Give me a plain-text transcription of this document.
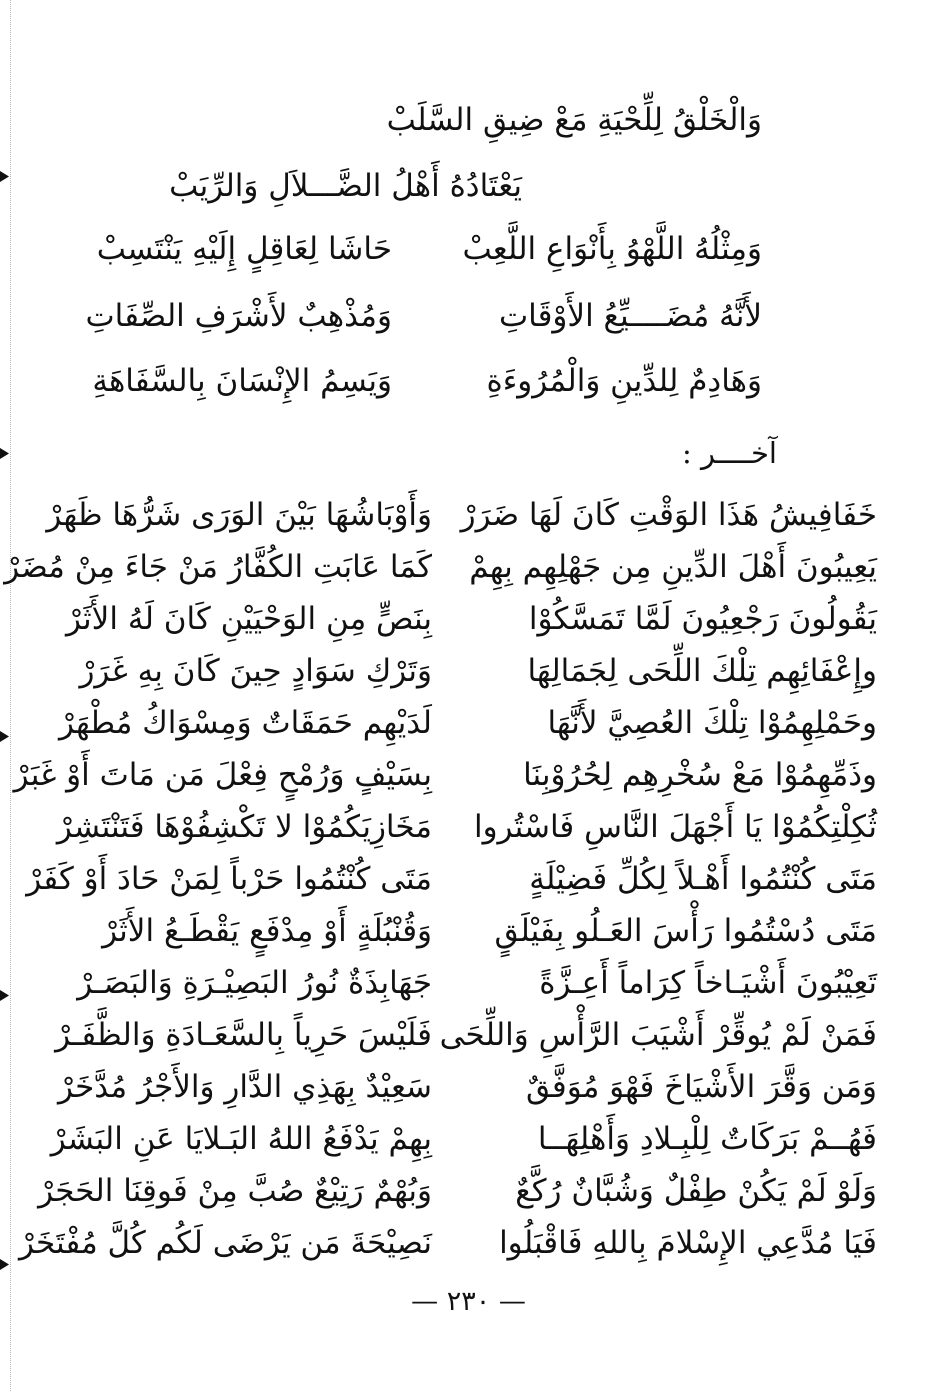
وَالْخَلْقُ لِلِّحْيَةِ مَعْ ضِيقِ السَّلَبْ
يَعْتَادُهُ أَهْلُ الضَّـــلاَلِ وَالرِّيَبْ
وَمِثْلُهُ اللَّهْوُ بِأَنْوَاعِ اللَّعِبْ
حَاشَا لِعَاقِلٍ إِلَيْهِ يَنْتَسِبْ
لأَنَّهُ مُضَــــيِّعُ الأَوْقَاتِ
وَمُذْهِبٌ لأَشْرَفِ الصِّفَاتِ
وَهَادِمٌ لِلدِّينِ وَالْمُرُوءَةِ
وَيَسِمُ الإِنْسَانَ بِالسَّفَاهَةِ
آخــــر :
خَفَافِيشُ هَذَا الوَقْتِ كَانَ لَهَا ضَرَرْ
وَأَوْبَاشُهَا بَيْنَ الوَرَى شَرُّهَا ظَهَرْ
يَعِيبُونَ أَهْلَ الدِّينِ مِن جَهْلِهِم بِهِمْ
كَمَا عَابَتِ الكُفَّارُ مَنْ جَاءَ مِنْ مُضَرْ
يَقُولُونَ رَجْعِيُونَ لَمَّا تَمَسَّكُوْا
بِنَصٍّ مِنِ الوَحْيَيْنِ كَانَ لَهُ الأَثَرْ
وإِعْفَائِهِم تِلْكَ اللِّحَى لِجَمَالِهَا
وَتَرْكِ سَوَادٍ حِينَ كَانَ بِهِ غَرَرْ
وحَمْلِهِمُوْا تِلْكَ العُصِيَّ لأَنَّهَا
لَدَيْهِم حَمَقَاتٌ وَمِسْوَاكُ مُطْهَرْ
وذَمِّهِمُوْا مَعْ سُخْرِهِم لِحُرُوْبِنَا
بِسَيْفٍ وَرُمْحٍ فِعْلَ مَن مَاتَ أَوْ غَبَرْ
ثُكِلْتِكُمُوْا يَا أَجْهَلَ النَّاسِ فَاسْتُروا
مَخَازِيَكُمُوْا لا تَكْشِفُوْهَا فَتَنْتَشِرْ
مَتَى كُنْتُمُوا أَهْـلاً لِكُلِّ فَضِيْلَةٍ
مَتَى كُنْتُمُوا حَرْباً لِمَنْ حَادَ أَوْ كَفَرْ
مَتَى دُسْتُمُوا رَأْسَ العَـلُو بِفَيْلَقٍ
وَقُنْبُلَةٍ أَوْ مِدْفَعٍ يَقْطَـعُ الأَثَرْ
تَعِيْبُونَ أَشْيَـاخاً كِرَاماً أَعِـزَّةً
جَهَابِذَةٌ نُورُ البَصِيْـرَةِ وَالبَصَـرْ
فَمَنْ لَمْ يُوقِّرْ أَشْيَبَ الرَّأْسِ وَاللِّحَى
فَلَيْسَ حَرِياً بِالسَّعَـادَةِ وَالظَّفَـرْ
وَمَن وَقَّرَ الأَشْيَاخَ فَهْوَ مُوَفَّقٌ
سَعِيْدٌ بِهَذِي الدَّارِ وَالأَجْرُ مُدَّخَرْ
فَهُــمْ بَرَكَاتٌ لِلْبِـلادِ وَأَهْلِهَــا
بِهِمْ يَدْفَعُ اللهُ البَـلايَا عَنِ البَشَرْ
وَلَوْ لَمْ يَكُنْ طِفْلٌ وَشُبَّانٌ رُكَّعٌ
وَبُهْمٌ رَتِيْعٌ صُبَّ مِنْ فَوقِنَا الحَجَرْ
فَيَا مُدَّعِي الإِسْلامَ بِاللهِ فَاقْبَلُوا
نَصِيْحَةَ مَن يَرْضَى لَكُم كُلَّ مُفْتَخَرْ
— ٢٣٠ —
